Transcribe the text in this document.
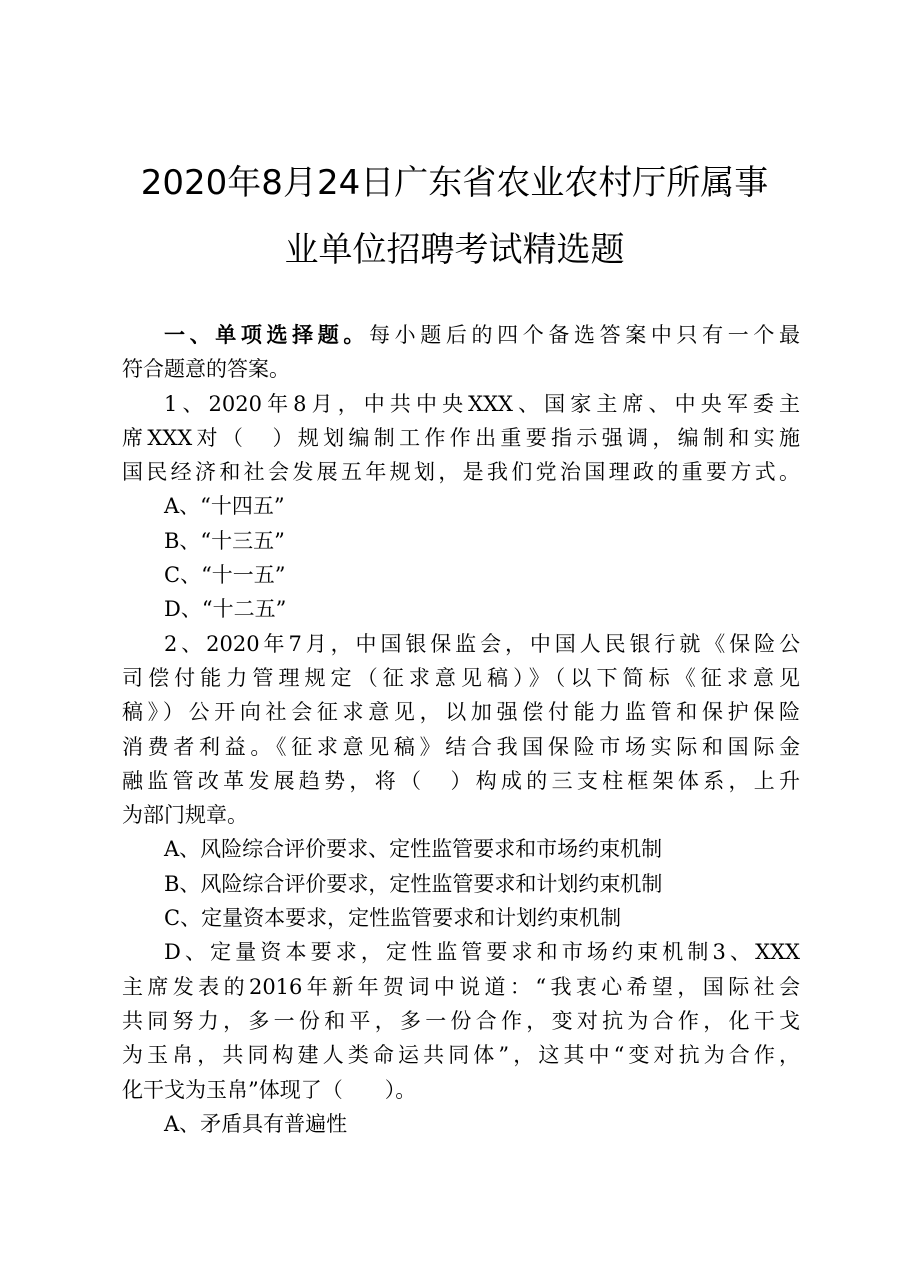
2020年8月24日广东省农业农村厅所属事
业单位招聘考试精选题

一、单项选择题。每小题后的四个备选答案中只有一个最

符合题意的答案。

1、2020年8月，中共中央XXX、国家主席、中央军委主

席XXX对（　）规划编制工作作出重要指示强调，编制和实施

国民经济和社会发展五年规划，是我们党治国理政的重要方式。

A、“十四五”

B、“十三五”

C、“十一五”

D、“十二五”

2、2020年7月，中国银保监会，中国人民银行就《保险公

司偿付能力管理规定（征求意见稿）》（以下简标《征求意见

稿》）公开向社会征求意见，以加强偿付能力监管和保护保险

消费者利益。《征求意见稿》结合我国保险市场实际和国际金

融监管改革发展趋势，将（　）构成的三支柱框架体系，上升

为部门规章。

A、风险综合评价要求、定性监管要求和市场约束机制

B、风险综合评价要求，定性监管要求和计划约束机制

C、定量资本要求，定性监管要求和计划约束机制

D、定量资本要求，定性监管要求和市场约束机制3、XXX

主席发表的2016年新年贺词中说道：“我衷心希望，国际社会

共同努力，多一份和平，多一份合作，变对抗为合作，化干戈

为玉帛，共同构建人类命运共同体”，这其中“变对抗为合作，

化干戈为玉帛”体现了（　　）。

A、矛盾具有普遍性
